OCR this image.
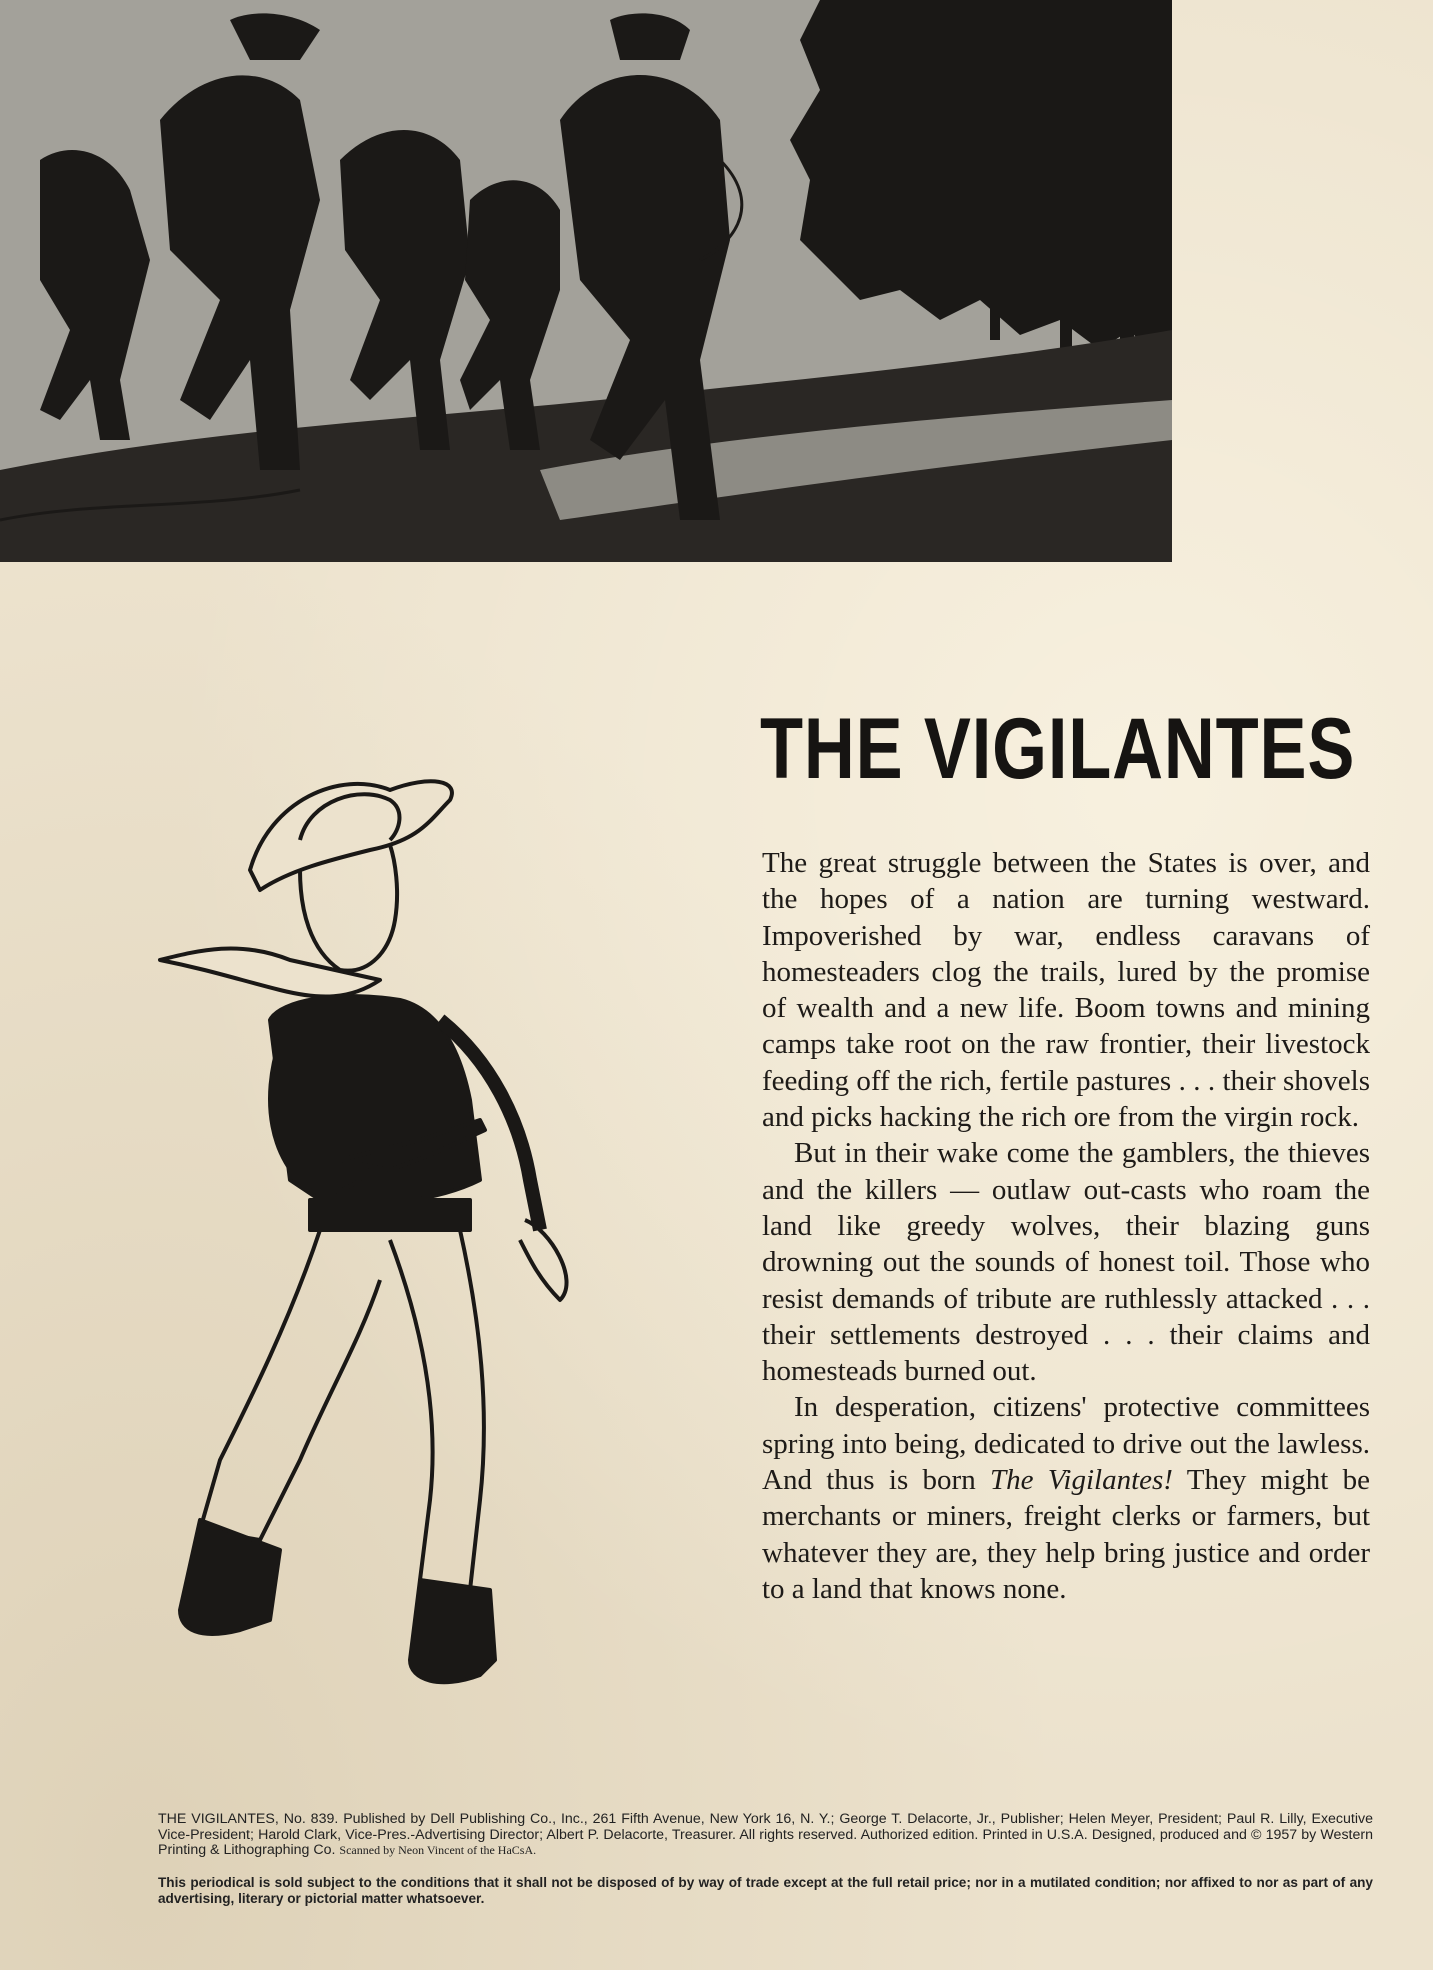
THE VIGILANTES

The great struggle between the States is over, and the hopes of a nation are turning westward. Impoverished by war, endless caravans of homesteaders clog the trails, lured by the promise of wealth and a new life. Boom towns and mining camps take root on the raw frontier, their livestock feeding off the rich, fertile pastures . . . their shovels and picks hacking the rich ore from the virgin rock.

But in their wake come the gamblers, the thieves and the killers — outlaw out-casts who roam the land like greedy wolves, their blazing guns drowning out the sounds of honest toil. Those who resist demands of tribute are ruthlessly attacked . . . their settlements destroyed . . . their claims and homesteads burned out.

In desperation, citizens' protective committees spring into being, dedicated to drive out the lawless. And thus is born The Vigilantes! They might be merchants or miners, freight clerks or farmers, but whatever they are, they help bring justice and order to a land that knows none.

THE VIGILANTES, No. 839. Published by Dell Publishing Co., Inc., 261 Fifth Avenue, New York 16, N. Y.; George T. Delacorte, Jr., Publisher; Helen Meyer, President; Paul R. Lilly, Executive Vice-President; Harold Clark, Vice-Pres.-Advertising Director; Albert P. Delacorte, Treasurer. All rights reserved. Authorized edition. Printed in U.S.A. Designed, produced and © 1957 by Western Printing & Lithographing Co. Scanned by Neon Vincent of the HaCsA.
This periodical is sold subject to the conditions that it shall not be disposed of by way of trade except at the full retail price; nor in a mutilated condition; nor affixed to nor as part of any advertising, literary or pictorial matter whatsoever.
